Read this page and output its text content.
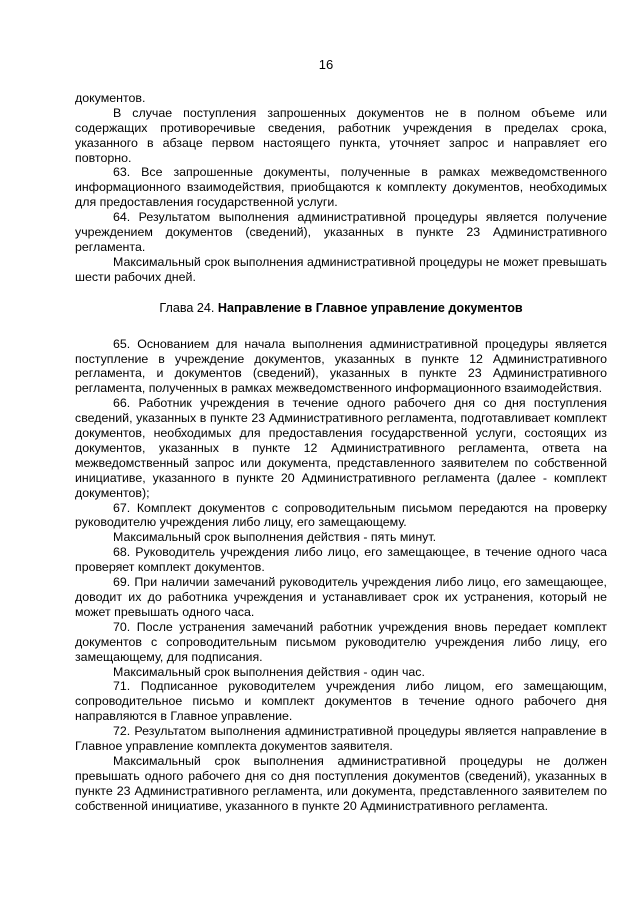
16

документов.

В случае поступления запрошенных документов не в полном объеме или содержащих противоречивые сведения, работник учреждения в пределах срока, указанного в абзаце первом настоящего пункта, уточняет запрос и направляет его повторно.

63. Все запрошенные документы, полученные в рамках межведомственного информационного взаимодействия, приобщаются к комплекту документов, необходимых для предоставления государственной услуги.

64. Результатом выполнения административной процедуры является получение учреждением документов (сведений), указанных в пункте 23 Административного регламента.

Максимальный срок выполнения административной процедуры не может превышать шести рабочих дней.

Глава 24. Направление в Главное управление документов

65. Основанием для начала выполнения административной процедуры является поступление в учреждение документов, указанных в пункте 12 Административного регламента, и документов (сведений), указанных в пункте 23 Административного регламента, полученных в рамках межведомственного информационного взаимодействия.

66. Работник учреждения в течение одного рабочего дня со дня поступления сведений, указанных в пункте 23 Административного регламента, подготавливает комплект документов, необходимых для предоставления государственной услуги, состоящих из документов, указанных в пункте 12 Административного регламента, ответа на межведомственный запрос или документа, представленного заявителем по собственной инициативе, указанного в пункте 20 Административного регламента (далее - комплект документов);

67. Комплект документов с сопроводительным письмом передаются на проверку руководителю учреждения либо лицу, его замещающему.

Максимальный срок выполнения действия - пять минут.

68. Руководитель учреждения либо лицо, его замещающее, в течение одного часа проверяет комплект документов.

69. При наличии замечаний руководитель учреждения либо лицо, его замещающее, доводит их до работника учреждения и устанавливает срок их устранения, который не может превышать одного часа.

70. После устранения замечаний работник учреждения вновь передает комплект документов с сопроводительным письмом руководителю учреждения либо лицу, его замещающему, для подписания.

Максимальный срок выполнения действия - один час.

71. Подписанное руководителем учреждения либо лицом, его замещающим, сопроводительное письмо и комплект документов в течение одного рабочего дня направляются в Главное управление.

72. Результатом выполнения административной процедуры является направление в Главное управление комплекта документов заявителя.

Максимальный срок выполнения административной процедуры не должен превышать одного рабочего дня со дня поступления документов (сведений), указанных в пункте 23 Административного регламента, или документа, представленного заявителем по собственной инициативе, указанного в пункте 20 Административного регламента.
